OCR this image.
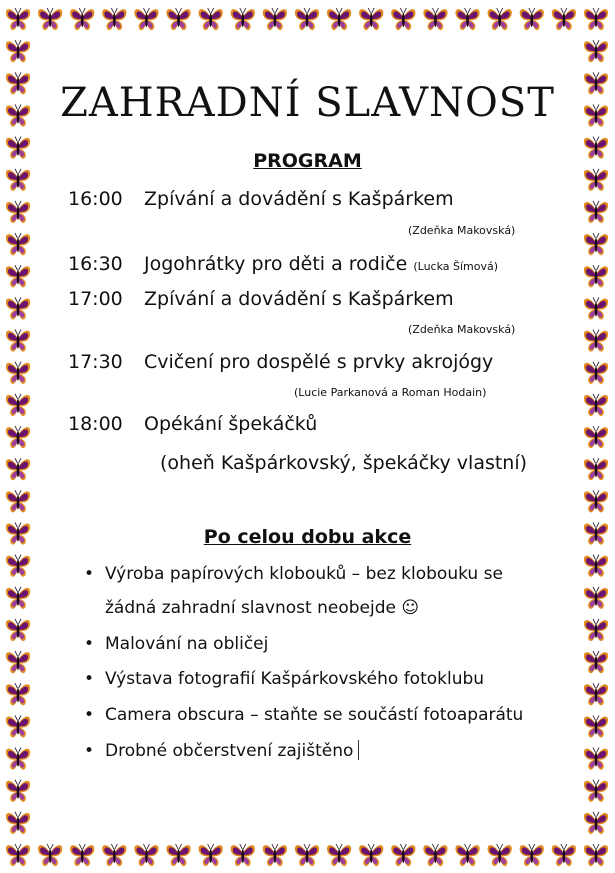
ZAHRADNÍ SLAVNOST
PROGRAM
16:00 Zpívání a dovádění s Kašpárkem
(Zdeňka Makovská)
16:30 Jogohrátky pro děti a rodiče (Lucka Šímová)
17:00 Zpívání a dovádění s Kašpárkem
(Zdeňka Makovská)
17:30 Cvičení pro dospělé s prvky akrojógy
(Lucie Parkanová a Roman Hodain)
18:00 Opékání špekáčků
(oheň Kašpárkovský, špekáčky vlastní)
Po celou dobu akce
• Výroba papírových klobouků – bez klobouku se
žádná zahradní slavnost neobejde ☺
• Malování na obličej
• Výstava fotografií Kašpárkovského fotoklubu
• Camera obscura – staňte se součástí fotoaparátu
• Drobné občerstvení zajištěno
